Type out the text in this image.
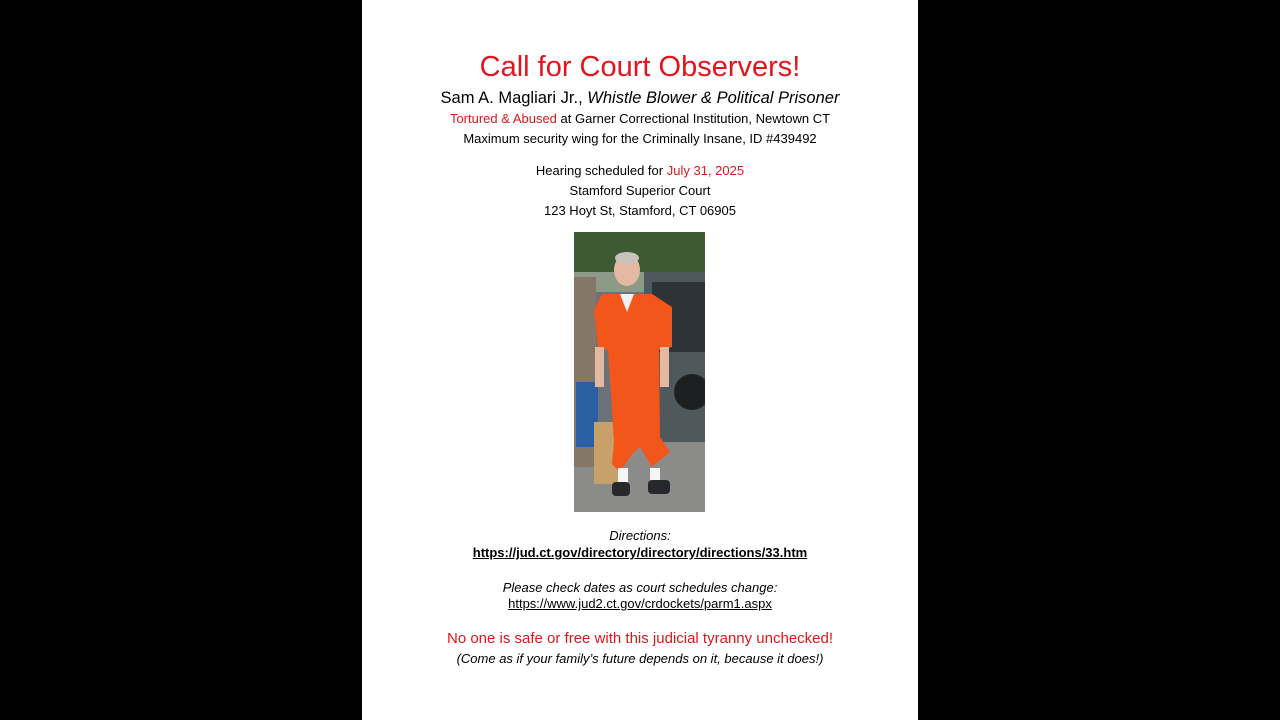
Call for Court Observers!
Sam A. Magliari Jr., Whistle Blower & Political Prisoner
Tortured & Abused at Garner Correctional Institution, Newtown CT
Maximum security wing for the Criminally Insane, ID #439492
Hearing scheduled for July 31, 2025
Stamford Superior Court
123 Hoyt St, Stamford, CT 06905
Directions:
https://jud.ct.gov/directory/directory/directions/33.htm
Please check dates as court schedules change:
https://www.jud2.ct.gov/crdockets/parm1.aspx
No one is safe or free with this judicial tyranny unchecked!
(Come as if your family’s future depends on it, because it does!)
